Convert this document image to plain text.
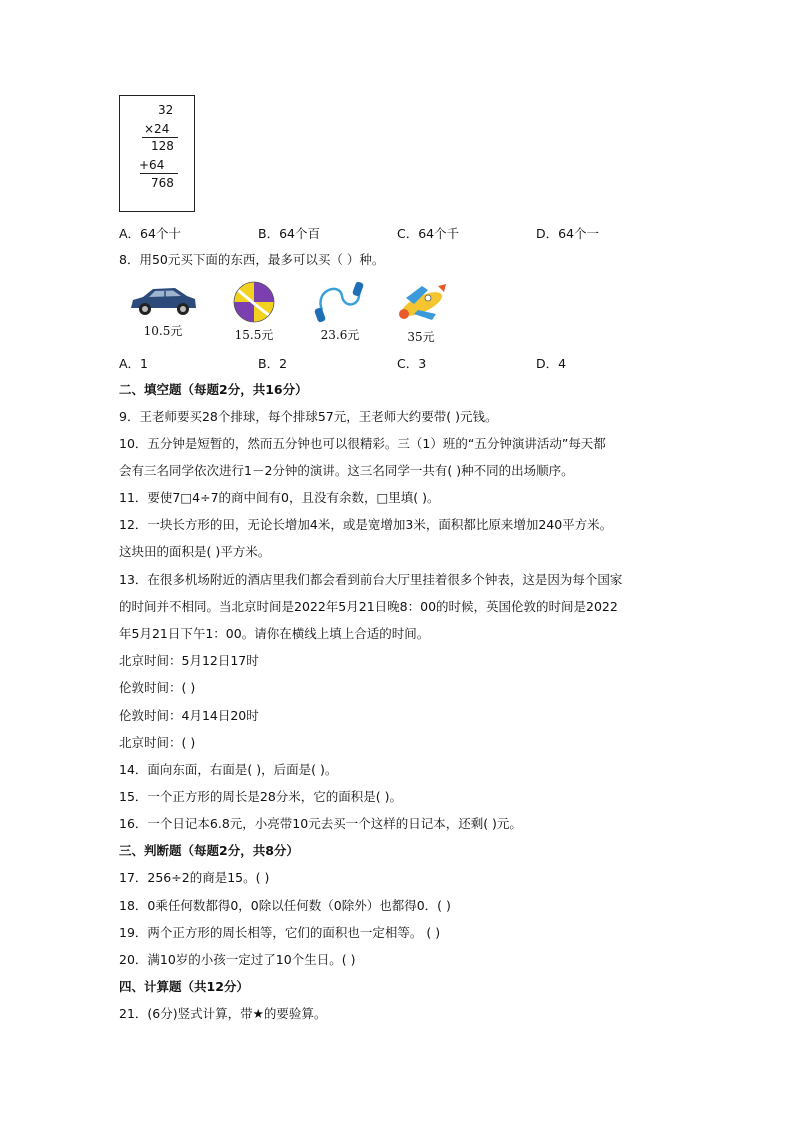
32
×24
128
+64
768
A．64个十	B．64个百	C．64个千	D．64个一
8．用50元买下面的东西，最多可以买（ ）种。
10.5元	15.5元	23.6元	35元
A．1	B．2	C．3	D．4
二、填空题（每题2分，共16分）
9．王老师要买28个排球，每个排球57元，王老师大约要带( )元钱。
10．五分钟是短暂的，然而五分钟也可以很精彩。三（1）班的“五分钟演讲活动”每天都
会有三名同学依次进行1－2分钟的演讲。这三名同学一共有( )种不同的出场顺序。
11．要使7□4÷7的商中间有0，且没有余数，□里填( )。
12．一块长方形的田，无论长增加4米，或是宽增加3米，面积都比原来增加240平方米。
这块田的面积是( )平方米。
13．在很多机场附近的酒店里我们都会看到前台大厅里挂着很多个钟表，这是因为每个国家
的时间并不相同。当北京时间是2022年5月21日晚8：00的时候，英国伦敦的时间是2022
年5月21日下午1：00。请你在横线上填上合适的时间。
北京时间：5月12日17时
伦敦时间：( )
伦敦时间：4月14日20时
北京时间：( )
14．面向东面，右面是( )，后面是( )。
15．一个正方形的周长是28分米，它的面积是( )。
16．一个日记本6.8元，小亮带10元去买一个这样的日记本，还剩( )元。
三、判断题（每题2分，共8分）
17．256÷2的商是15。( )
18．0乘任何数都得0，0除以任何数（0除外）也都得0．( )
19．两个正方形的周长相等，它们的面积也一定相等。 ( )
20．满10岁的小孩一定过了10个生日。( )
四、计算题（共12分）
21．(6分)竖式计算，带★的要验算。
